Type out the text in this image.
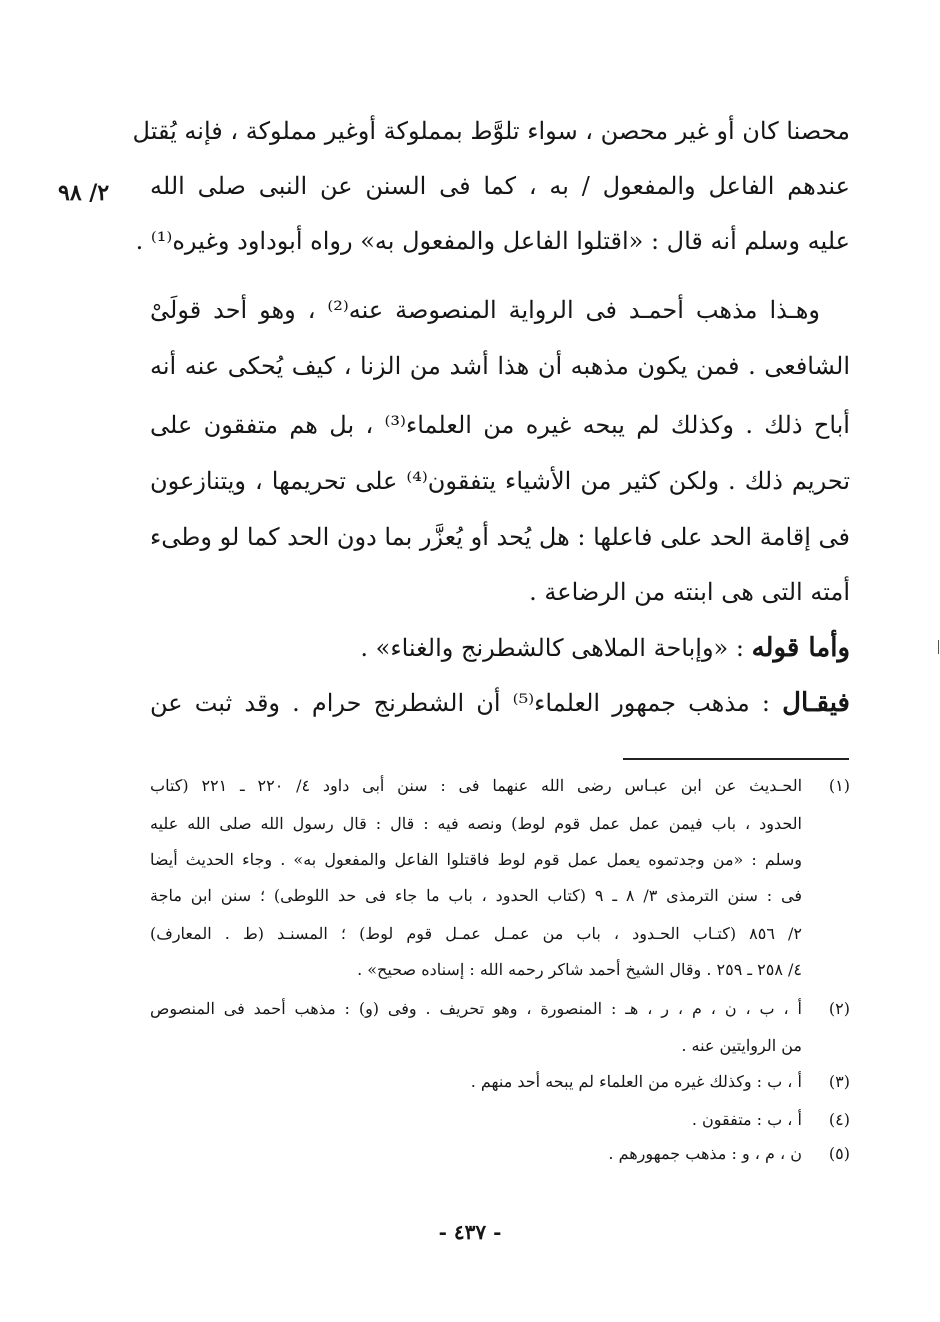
٢/ ٩٨
محصنا كان أو غير محصن ، سواء تلوَّط بمملوكة أوغير مملوكة ، فإنه يُقتل
عندهم الفاعل والمفعول / به ، كما فى السنن عن النبى صلى الله
عليه وسلم أنه قال : «اقتلوا الفاعل والمفعول به» رواه أبوداود وغيره⁽¹⁾ .
وهـذا مذهب أحمـد فى الرواية المنصوصة عنه⁽²⁾ ، وهو أحد قولَىْ
الشافعى . فمن يكون مذهبه أن هذا أشد من الزنا ، كيف يُحكى عنه أنه
أباح ذلك . وكذلك لم يبحه غيره من العلماء⁽³⁾ ، بل هم متفقون على
تحريم ذلك . ولكن كثير من الأشياء يتفقون⁽⁴⁾ على تحريمها ، ويتنازعون
فى إقامة الحد على فاعلها : هل يُحد أو يُعزَّر بما دون الحد كما لو وطىء
أمته التى هى ابنته من الرضاعة .
وأما قوله : «وإباحة الملاهى كالشطرنج والغناء» .
فيقـال : مذهب جمهور العلماء⁽⁵⁾ أن الشطرنج حرام . وقد ثبت عن
(١)
الحـديث عن ابن عبـاس رضى الله عنهما فى : سنن أبى داود ٤/ ٢٢٠ ـ ٢٢١ (كتاب
الحدود ، باب فيمن عمل عمل قوم لوط) ونصه فيه : قال : قال رسول الله صلى الله عليه
وسلم : «من وجدتموه يعمل عمل قوم لوط فاقتلوا الفاعل والمفعول به» . وجاء الحديث أيضا
فى : سنن الترمذى ٣/ ٨ ـ ٩ (كتاب الحدود ، باب ما جاء فى حد اللوطى) ؛ سنن ابن ماجة
٢/ ٨٥٦ (كتـاب الحـدود ، باب من عمـل عمـل قوم لوط) ؛ المسنـد (ط . المعارف)
٤/ ٢٥٨ ـ ٢٥٩ . وقال الشيخ أحمد شاكر رحمه الله : إسناده صحيح» .
(٢)
أ ، ب ، ن ، م ، ر ، هـ : المنصورة ، وهو تحريف . وفى (و) : مذهب أحمد فى المنصوص
من الروايتين عنه .
(٣)
أ ، ب : وكذلك غيره من العلماء لم يبحه أحد منهم .
(٤)
أ ، ب : متفقون .
(٥)
ن ، م ، و : مذهب جمهورهم .
- ٤٣٧ -
